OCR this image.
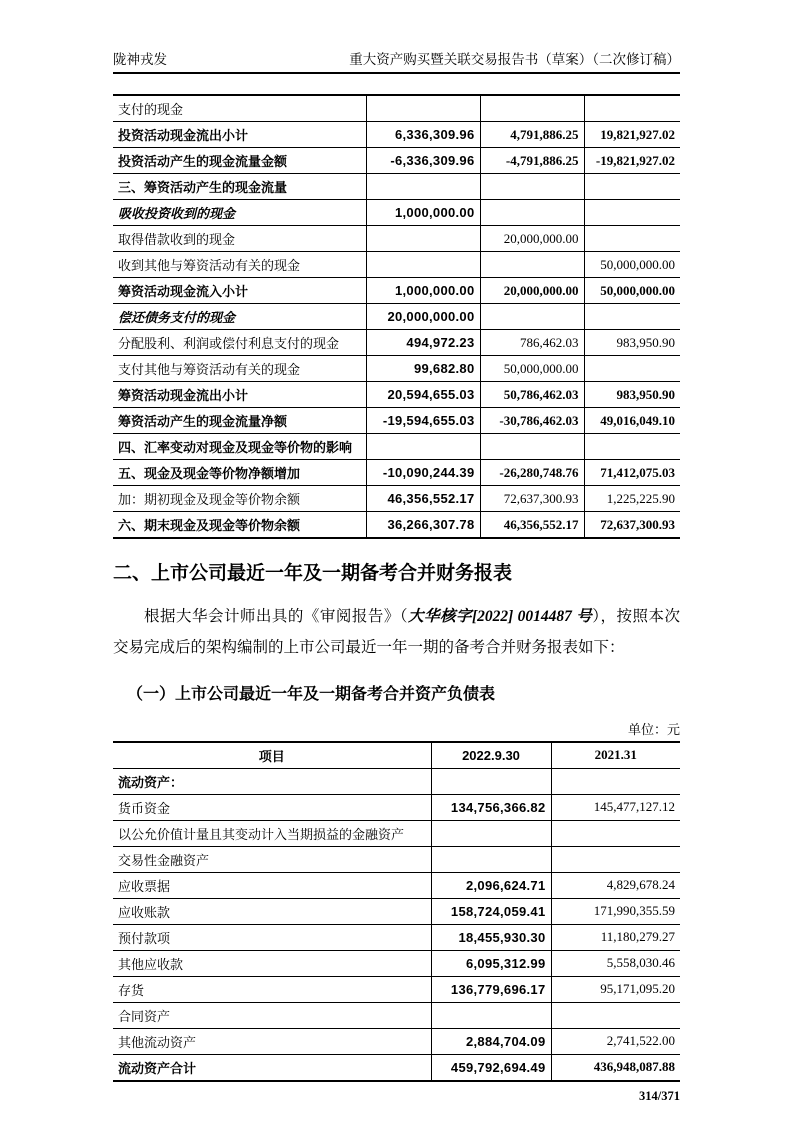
陇神戎发	重大资产购买暨关联交易报告书（草案）（二次修订稿）
支付的现金			
投资活动现金流出小计	6,336,309.96	4,791,886.25	19,821,927.02
投资活动产生的现金流量金额	-6,336,309.96	-4,791,886.25	-19,821,927.02
三、筹资活动产生的现金流量			
吸收投资收到的现金	1,000,000.00		
取得借款收到的现金		20,000,000.00	
收到其他与筹资活动有关的现金			50,000,000.00
筹资活动现金流入小计	1,000,000.00	20,000,000.00	50,000,000.00
偿还债务支付的现金	20,000,000.00		
分配股利、利润或偿付利息支付的现金	494,972.23	786,462.03	983,950.90
支付其他与筹资活动有关的现金	99,682.80	50,000,000.00	
筹资活动现金流出小计	20,594,655.03	50,786,462.03	983,950.90
筹资活动产生的现金流量净额	-19,594,655.03	-30,786,462.03	49,016,049.10
四、汇率变动对现金及现金等价物的影响			
五、现金及现金等价物净额增加	-10,090,244.39	-26,280,748.76	71,412,075.03
加：期初现金及现金等价物余额	46,356,552.17	72,637,300.93	1,225,225.90
六、期末现金及现金等价物余额	36,266,307.78	46,356,552.17	72,637,300.93
二、上市公司最近一年及一期备考合并财务报表

根据大华会计师出具的《审阅报告》（大华核字[2022] 0014487 号），按照本次交易完成后的架构编制的上市公司最近一年一期的备考合并财务报表如下：

（一）上市公司最近一年及一期备考合并资产负债表
单位：元
项目	2022.9.30	2021.31
流动资产：		
货币资金	134,756,366.82	145,477,127.12
以公允价值计量且其变动计入当期损益的金融资产		
交易性金融资产		
应收票据	2,096,624.71	4,829,678.24
应收账款	158,724,059.41	171,990,355.59
预付款项	18,455,930.30	11,180,279.27
其他应收款	6,095,312.99	5,558,030.46
存货	136,779,696.17	95,171,095.20
合同资产		
其他流动资产	2,884,704.09	2,741,522.00
流动资产合计	459,792,694.49	436,948,087.88
314/371
